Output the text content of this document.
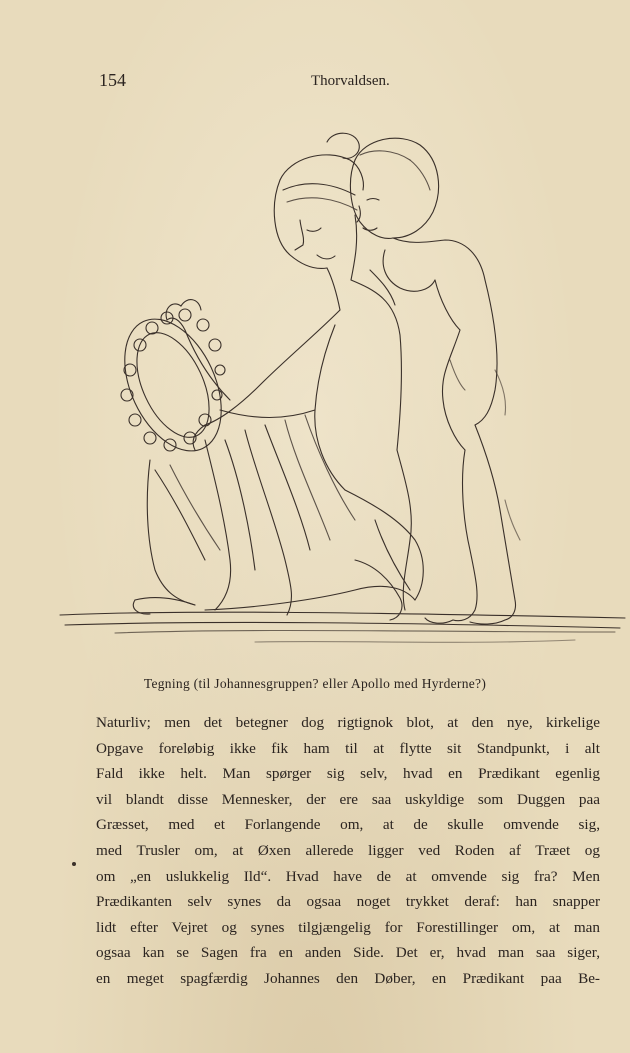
154	Thorvaldsen.
Tegning (til Johannesgruppen? eller Apollo med Hyrderne?)
Naturliv; men det betegner dog rigtignok blot, at den nye, kirkelige
Opgave foreløbig ikke fik ham til at flytte sit Standpunkt, i alt
Fald ikke helt. Man spørger sig selv, hvad en Prædikant egenlig
vil blandt disse Mennesker, der ere saa uskyldige som Duggen paa
Græsset, med et Forlangende om, at de skulle omvende sig,
med Trusler om, at Øxen allerede ligger ved Roden af Træet og
om „en uslukkelig Ild“. Hvad have de at omvende sig fra? Men
Prædikanten selv synes da ogsaa noget trykket deraf: han snapper
lidt efter Vejret og synes tilgjængelig for Forestillinger om, at man
ogsaa kan se Sagen fra en anden Side. Det er, hvad man saa siger,
en meget spagfærdig Johannes den Døber, en Prædikant paa Be-
